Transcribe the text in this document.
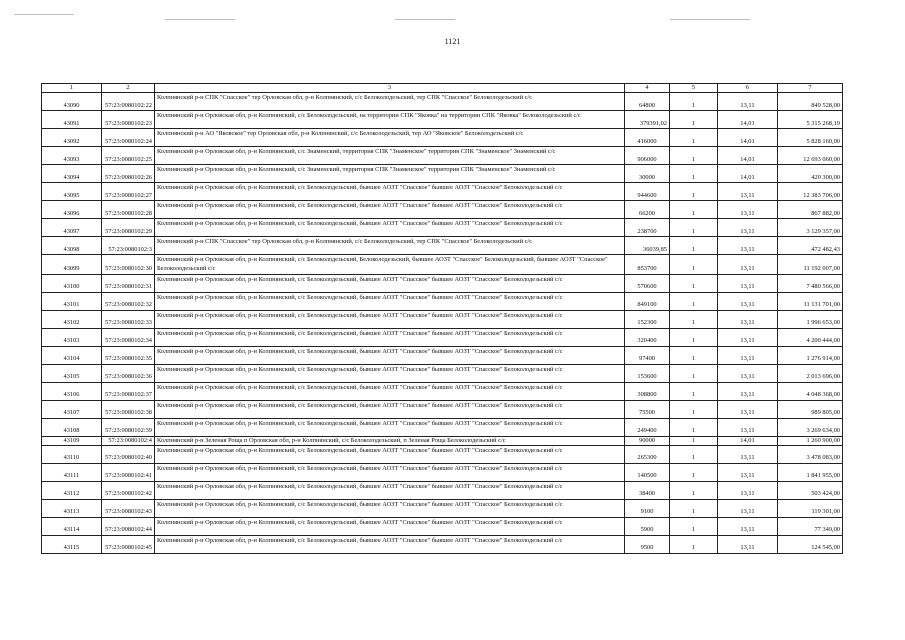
1121
1	2	3	4	5	6	7
43090	57:23:0080102:22	Колпнянский р-н СПК "Спасское" тер Орловская обл, р-н Колпнянский, с/с Белоколодезьский, тер СПК "Спасское" Белоколодезьский с/с	64800	1	13,11	849 528,00
43091	57:23:0080102:23	Колпнянский р-н Орловская обл, р-н Колпнянский, с/с Белоколодезьский, на территории СПК "Яковка" на территории СПК "Яковка" Белоколодезьский с/с	379391,02	1	14,01	5 315 268,19
43092	57:23:0080102:24	Колпнянский р-н АО "Яковское" тер Орловская обл, р-н Колпнянский, с/с Белоколодезьский, тер АО "Яковское" Белоколодезьский с/с	416000	1	14,01	5 828 160,00
43093	57:23:0080102:25	Колпнянский р-н Орловская обл, р-н Колпнянский, с/с Знаменский, территория СПК "Знаменское" территория СПК "Знаменское" Знаменский с/с	906000	1	14,01	12 693 060,00
43094	57:23:0080102:26	Колпнянский р-н Орловская обл, р-н Колпнянский, с/с Знаменский, территория СПК "Знаменское" территория СПК "Знаменское" Знаменский с/с	30000	1	14,01	420 300,00
43095	57:23:0080102:27	Колпнянский р-н Орловская обл, р-н Колпнянский, с/с Белоколодезьский, бывшее АОЗТ "Спасское" бывшее АОЗТ "Спасское" Белоколодезьский с/с	944600	1	13,11	12 383 706,00
43096	57:23:0080102:28	Колпнянский р-н Орловская обл, р-н Колпнянский, с/с Белоколодезьский, бывшее АОЗТ "Спасское" бывшее АОЗТ "Спасское" Белоколодезьский с/с	66200	1	13,11	867 882,00
43097	57:23:0080102:29	Колпнянский р-н Орловская обл, р-н Колпнянский, с/с Белоколодезьский, бывшее АОЗТ "Спасское" бывшее АОЗТ "Спасское" Белоколодезьский с/с	238700	1	13,11	3 129 357,00
43098	57:23:0080102:3	Колпнянский р-н СПК "Спасское" тер Орловская обл, р-н Колпнянский, с/с Белоколодезьский, тер СПК "Спасское" Белоколодезьский с/с	36039,85	1	13,11	472 482,43
43099	57:23:0080102:30	Колпнянский р-н Орловская обл, р-н Колпнянский, с/с Белоколодезьский, Белоколодезьский, бывшее АОЗТ "Спасское" Белоколодезьский, бывшее АОЗТ "Спасское" Белоколодезьский с/с	853700	1	13,11	11 192 007,00
43100	57:23:0080102:31	Колпнянский р-н Орловская обл, р-н Колпнянский, с/с Белоколодезьский, бывшее АОЗТ "Спасское" бывшее АОЗТ "Спасское" Белоколодезьский с/с	570600	1	13,11	7 480 566,00
43101	57:23:0080102:32	Колпнянский р-н Орловская обл, р-н Колпнянский, с/с Белоколодезьский, бывшее АОЗТ "Спасское" бывшее АОЗТ "Спасское" Белоколодезьский с/с	849100	1	13,11	11 131 701,00
43102	57:23:0080102:33	Колпнянский р-н Орловская обл, р-н Колпнянский, с/с Белоколодезьский, бывшее АОЗТ "Спасское" бывшее АОЗТ "Спасское" Белоколодезьский с/с	152300	1	13,11	1 996 653,00
43103	57:23:0080102:34	Колпнянский р-н Орловская обл, р-н Колпнянский, с/с Белоколодезьский, бывшее АОЗТ "Спасское" бывшее АОЗТ "Спасское" Белоколодезьский с/с	320400	1	13,11	4 200 444,00
43104	57:23:0080102:35	Колпнянский р-н Орловская обл, р-н Колпнянский, с/с Белоколодезьский, бывшее АОЗТ "Спасское" бывшее АОЗТ "Спасское" Белоколодезьский с/с	97400	1	13,11	1 276 914,00
43105	57:23:0080102:36	Колпнянский р-н Орловская обл, р-н Колпнянский, с/с Белоколодезьский, бывшее АОЗТ "Спасское" бывшее АОЗТ "Спасское" Белоколодезьский с/с	153600	1	13,11	2 013 696,00
43106	57:23:0080102:37	Колпнянский р-н Орловская обл, р-н Колпнянский, с/с Белоколодезьский, бывшее АОЗТ "Спасское" бывшее АОЗТ "Спасское" Белоколодезьский с/с	308800	1	13,11	4 048 368,00
43107	57:23:0080102:38	Колпнянский р-н Орловская обл, р-н Колпнянский, с/с Белоколодезьский, бывшее АОЗТ "Спасское" бывшее АОЗТ "Спасское" Белоколодезьский с/с	75500	1	13,11	989 805,00
43108	57:23:0080102:39	Колпнянский р-н Орловская обл, р-н Колпнянский, с/с Белоколодезьский, бывшее АОЗТ "Спасское" бывшее АОЗТ "Спасское" Белоколодезьский с/с	249400	1	13,11	3 269 634,00
43109	57:23:0080102:4	Колпнянский р-н Зеленая Роща п Орловская обл, р-н Колпнянский, с/с Белоколодезьский, п Зеленая Роща Белоколодезьский с/с	90000	1	14,01	1 260 900,00
43110	57:23:0080102:40	Колпнянский р-н Орловская обл, р-н Колпнянский, с/с Белоколодезьский, бывшее АОЗТ "Спасское" бывшее АОЗТ "Спасское" Белоколодезьский с/с	265300	1	13,11	3 478 083,00
43111	57:23:0080102:41	Колпнянский р-н Орловская обл, р-н Колпнянский, с/с Белоколодезьский, бывшее АОЗТ "Спасское" бывшее АОЗТ "Спасское" Белоколодезьский с/с	140500	1	13,11	1 841 955,00
43112	57:23:0080102:42	Колпнянский р-н Орловская обл, р-н Колпнянский, с/с Белоколодезьский, бывшее АОЗТ "Спасское" бывшее АОЗТ "Спасское" Белоколодезьский с/с	38400	1	13,11	503 424,00
43113	57:23:0080102:43	Колпнянский р-н Орловская обл, р-н Колпнянский, с/с Белоколодезьский, бывшее АОЗТ "Спасское" бывшее АОЗТ "Спасское" Белоколодезьский с/с	9100	1	13,11	119 301,00
43114	57:23:0080102:44	Колпнянский р-н Орловская обл, р-н Колпнянский, с/с Белоколодезьский, бывшее АОЗТ "Спасское" бывшее АОЗТ "Спасское" Белоколодезьский с/с	5900	1	13,11	77 349,00
43115	57:23:0080102:45	Колпнянский р-н Орловская обл, р-н Колпнянский, с/с Белоколодезьский, бывшее АОЗТ "Спасское" бывшее АОЗТ "Спасское" Белоколодезьский с/с	9500	1	13,11	124 545,00
